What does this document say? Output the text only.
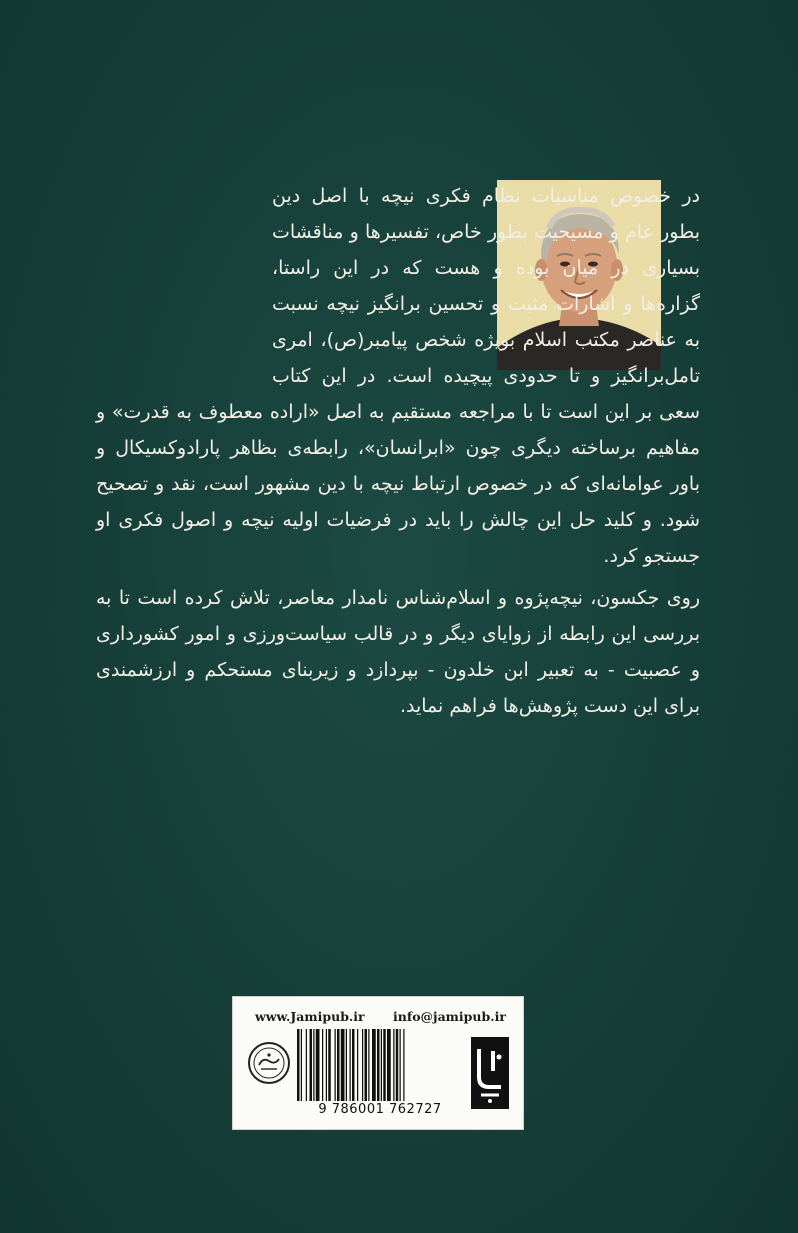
در خصوص مناسبات نظام فکری نیچه با اصل دین بطور عام و مسیحیت بطور خاص، تفسیرها و مناقشات بسیاری در میان بوده و هست که در این راستا، گزاره‌ها و اشارات مثبت و تحسین برانگیز نیچه نسبت به عناصر مکتب اسلام بویژه شخص پیامبر(ص)، امری تامل‌برانگیز و تا حدودی پیچیده است. در این کتاب سعی بر این است تا با مراجعه مستقیم به اصل «اراده معطوف به قدرت» و مفاهیم برساخته دیگری چون «ابرانسان»، رابطه‌ی بظاهر پارادوکسیکال و باور عوامانه‌ای که در خصوص ارتباط نیچه با دین مشهور است، نقد و تصحیح شود. و کلید حل این چالش را باید در فرضیات اولیه نیچه و اصول فکری او جستجو کرد.

روی جکسون، نیچه‌پژوه و اسلام‌شناس نامدار معاصر، تلاش کرده است تا به بررسی این رابطه از زوایای دیگر و در قالب سیاست‌ورزی و امور کشورداری و عصبیت - به تعبیر ابن خلدون - بپردازد و زیربنای مستحکم و ارزشمندی برای این دست پژوهش‌ها فراهم نماید.

www.Jamipub.ir info@jamipub.ir
9 786001 762727
